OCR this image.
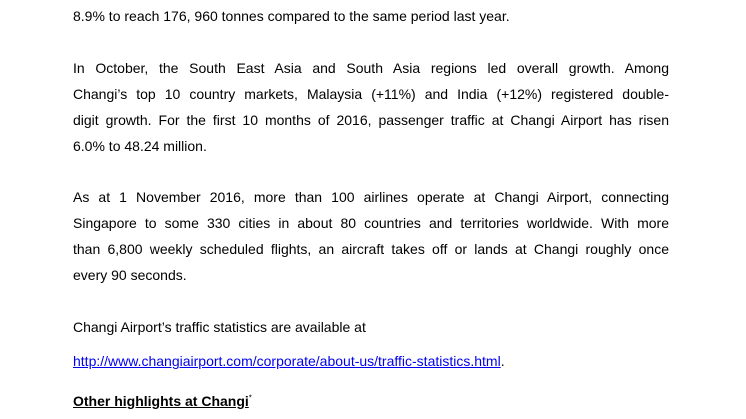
8.9% to reach 176, 960 tonnes compared to the same period last year.
In October, the South East Asia and South Asia regions led overall growth. Among
Changi’s top 10 country markets, Malaysia (+11%) and India (+12%) registered double-
digit growth. For the first 10 months of 2016, passenger traffic at Changi Airport has risen
6.0% to 48.24 million.
As at 1 November 2016, more than 100 airlines operate at Changi Airport, connecting
Singapore to some 330 cities in about 80 countries and territories worldwide. With more
than 6,800 weekly scheduled flights, an aircraft takes off or lands at Changi roughly once
every 90 seconds.
Changi Airport’s traffic statistics are available at
http://www.changiairport.com/corporate/about-us/traffic-statistics.html.
Other highlights at Changi*
